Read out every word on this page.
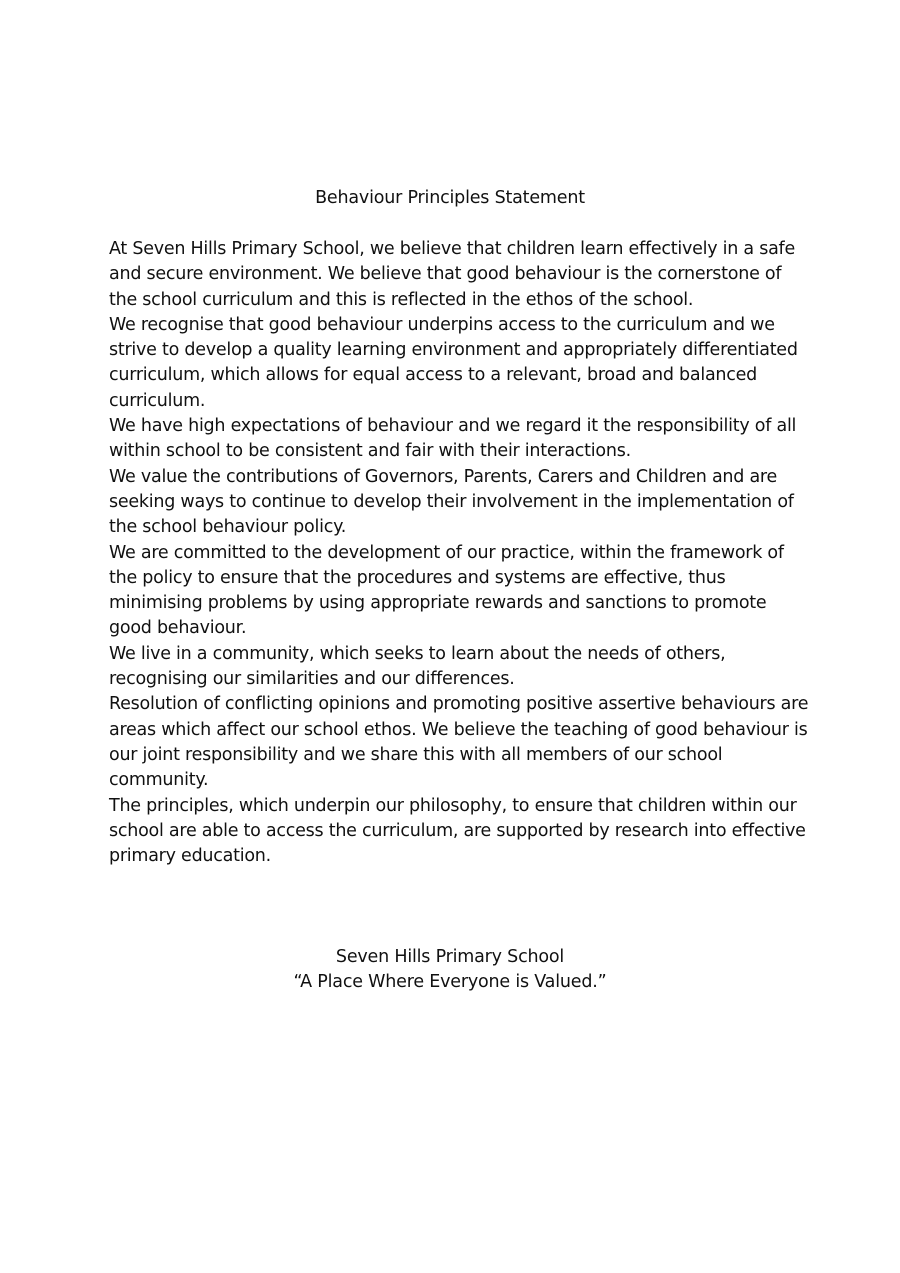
Behaviour Principles Statement

At Seven Hills Primary School, we believe that children learn effectively in a safe and secure environment. We believe that good behaviour is the cornerstone of the school curriculum and this is reflected in the ethos of the school.

We recognise that good behaviour underpins access to the curriculum and we strive to develop a quality learning environment and appropriately differentiated curriculum, which allows for equal access to a relevant, broad and balanced curriculum.

We have high expectations of behaviour and we regard it the responsibility of all within school to be consistent and fair with their interactions.

We value the contributions of Governors, Parents, Carers and Children and are seeking ways to continue to develop their involvement in the implementation of the school behaviour policy.

We are committed to the development of our practice, within the framework of the policy to ensure that the procedures and systems are effective, thus minimising problems by using appropriate rewards and sanctions to promote good behaviour.

We live in a community, which seeks to learn about the needs of others, recognising our similarities and our differences.

Resolution of conflicting opinions and promoting positive assertive behaviours are areas which affect our school ethos. We believe the teaching of good behaviour is our joint responsibility and we share this with all members of our school community.

The principles, which underpin our philosophy, to ensure that children within our school are able to access the curriculum, are supported by research into effective primary education.

Seven Hills Primary School
“A Place Where Everyone is Valued.”
